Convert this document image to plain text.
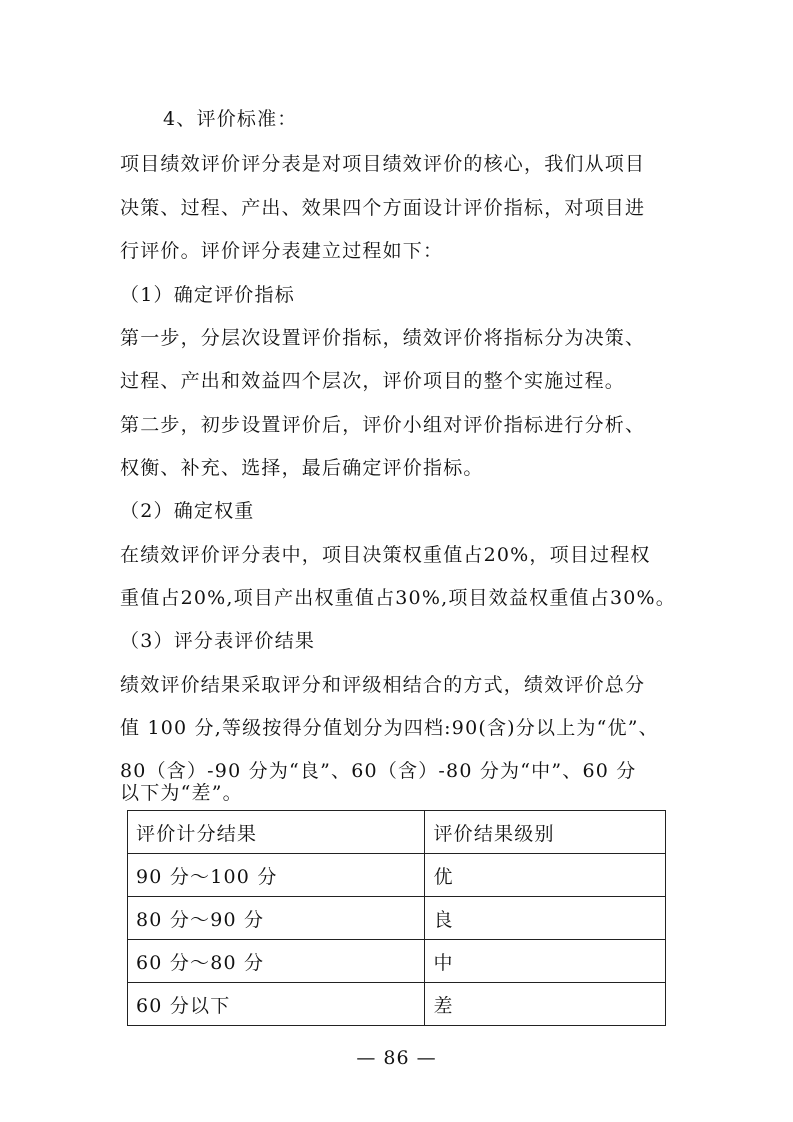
4、评价标准：
项目绩效评价评分表是对项目绩效评价的核心，我们从项目
决策、过程、产出、效果四个方面设计评价指标，对项目进
行评价。评价评分表建立过程如下：
（1）确定评价指标
第一步，分层次设置评价指标，绩效评价将指标分为决策、
过程、产出和效益四个层次，评价项目的整个实施过程。
第二步，初步设置评价后，评价小组对评价指标进行分析、
权衡、补充、选择，最后确定评价指标。
（2）确定权重
在绩效评价评分表中，项目决策权重值占20%，项目过程权
重值占20%,项目产出权重值占30%,项目效益权重值占30%。
（3）评分表评价结果
绩效评价结果采取评分和评级相结合的方式，绩效评价总分
值 100 分,等级按得分值划分为四档:90(含)分以上为“优”、
80（含）-90 分为“良”、60（含）-80 分为“中”、60 分
以下为“差”。
评价计分结果	评价结果级别
90 分～100 分	优
80 分～90 分	良
60 分～80 分	中
60 分以下	差
— 86 —
